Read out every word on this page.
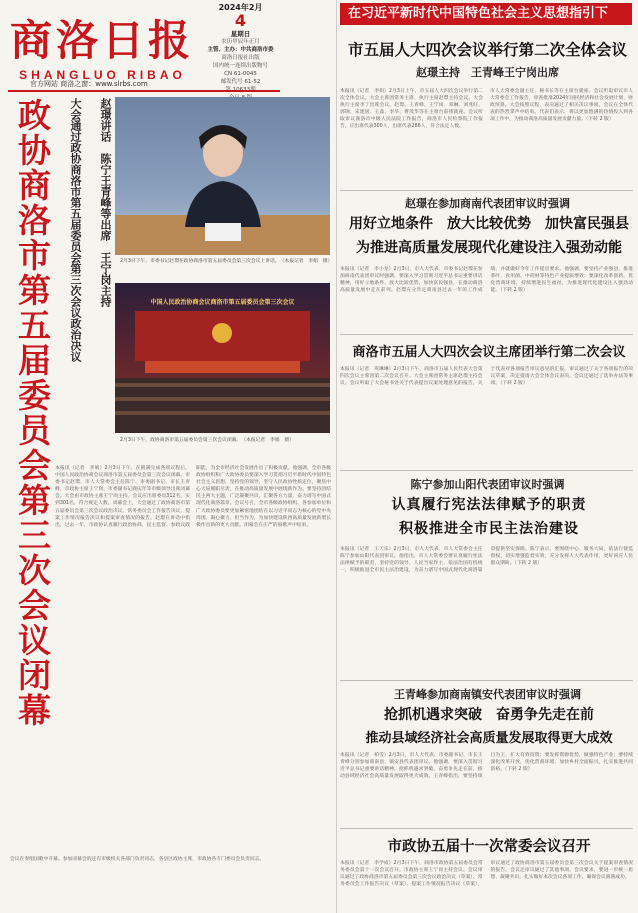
商洛日报
SHANGLUO RIBAO
2024年2月
4
星期日
农历甲辰年正月
主管、主办：中共商洛市委
商洛日报社出版
国内统一连续出版物号
CN 61-0045
邮发代号 61-52
官方网站 商洛之窗：www.slrbs.com
在习近平新时代中国特色社会主义思想指引下
市五届人大四次会议举行第二次全体会议
赵璟主持　王青峰王宁岗出席
本报讯（记者　李娟）2月3日上午，市五届人大四次会议举行第二次全体会议。大会主席团常务主席、执行主席赵璟主持会议。大会执行主席李丁出席会议。赵璟、王青峰、王宁岗、邓琳、刘兆旺、郭钢、宋建国、王淼、李华、曹茂华等在主席台前排就座。会议听取审议商洛市中级人民法院工作报告，商洛市人民检察院工作报告。应出席代表300人，出席代表286人，符合法定人数。
市人大常委会副主任、秘书长等在主席台就座。会议听取审议市人大常委会工作报告，审查批准2024年国民经济和社会发展计划、财政预算。大会按照议程，表决通过了相关决议事项，会议在全体代表的热烈掌声中结束。代表们表示，将以更加饱满的热情投入到各项工作中，为推动商洛高质量发展贡献力量。（下转 2 版）
赵璟在参加商南代表团审议时强调
用好立地条件　放大比较优势　加快富民强县
为推进高质量发展现代化建设注入强劲动能
本报讯（记者　李小龙）2月3日，市人大代表、市委书记赵璟在参加商南代表团审议时强调，要深入学习贯彻习近平总书记重要讲话精神，用好立地条件，放大比较优势，加快富民强县，在推动商洛高质量发展中走在前列。赵璟充分肯定商南县过去一年的工作成绩，并就做好今年工作提出要求。他强调，要坚持产业强县，推进茶叶、食用菌、中药材等特色产业提质增效；要深化改革创新，优化营商环境，持续增进民生福祉，为推进现代化建设注入强劲动能。（下转 2 版）
商洛市五届人大四次会议主席团举行第二次会议
本报讯（记者　巩琳琳）2月3日下午，商洛市五届人民代表大会第四次会议主席团第二次会议召开。大会主席团常务主席赵璟主持会议。会议听取了大会秘书处关于代表提出议案处理意见的报告，关于代表对各项报告审议意见的汇报，审议通过了关于各项报告的决议草案，决定提请大会全体会议表决。会议还通过了选举办法等事项。（下转 2 版）
陈宁参加山阳代表团审议时强调
认真履行宪法法律赋予的职责
积极推进全市民主法治建设
本报讯（记者　王天乐）2月3日，市人大代表、市人大常委会主任陈宁参加山阳代表团审议。他指出，市人大常委会要认真履行宪法法律赋予的职责，坚持党的领导、人民当家作主、依法治国有机统一，积极推进全市民主法治建设，为奋力谱写中国式现代化商洛篇章提供坚实保障。陈宁表示，要围绕中心、服务大局，依法行使监督权，切实增强监督实效，充分发挥人大代表作用，更好回应人民群众期盼。（下转 2 版）
王青峰参加商南镇安代表团审议时强调
抢抓机遇求突破　奋勇争先走在前
推动县域经济社会高质量发展取得更大成效
本报讯（记者　柏雪）2月3日，市人大代表、市委副书记、市长王青峰分别参加商南县、镇安县代表团审议。他强调，要深入贯彻习近平总书记重要讲话精神，抢抓机遇求突破，奋勇争先走在前，推动县域经济社会高质量发展取得更大成效。王青峰指出，要坚持项目为王，扩大有效投资；要发挥资源优势，做强特色产业；要持续深化改革开放，优化营商环境，加快乡村全面振兴，扎实推进共同富裕。（下转 2 版）
市政协五届十一次常委会议召开
本报讯（记者　李学成）2月3日下午，商洛市政协第五届委员会常务委员会第十一次会议召开。市政协主席王宁岗主持会议。会议审议通过了政协商洛市第五届委员会第三次会议政治决议（草案）、常务委员会工作报告决议（草案）、提案工作情况报告决议（草案），审议通过了政协商洛市第五届委员会第三次会议关于提案审查情况的报告，会议还审议通过了其他事项。会议要求，要进一步统一思想、凝聚共识，扎实做好本次会议各项工作，确保会议圆满成功。
政协商洛市第五届委员会第三次会议闭幕	大会通过政协商洛市第五届委员会第三次会议政治决议	赵璟讲话　陈宁王青峰等出席　王宁岗主持 2月3日下午，市委书记赵璟在政协商洛市第五届委员会第三次会议上讲话。　（本报记者　李娟　摄）
中国人民政治协商会议商洛市第五届委员会第三次会议
2月3日下午，政协商洛市第五届委员会第三次会议闭幕。　（本报记者　李娟　摄）
本报讯（记者　李娟）2月3日下午，在圆满完成各项议程后，中国人民政治协商会议商洛市第五届委员会第三次会议闭幕。市委书记赵璟、市人大常委会主任陈宁、市委副书记、市长王青峰，市政协主席王宁岗，市委副书记鹿庆年等市级领导出席闭幕会。大会由市政协主席王宁岗主持。会议应出席委员312名，实到301名，符合规定人数。闭幕会上，大会通过了政协商洛市第五届委员会第三次会议政治决议、常务委员会工作报告决议、提案工作情况报告决议和提案审查情况的报告。赵璟在讲话中指出，过去一年，市政协认真履行政治协商、民主监督、参政议政职能，为全市经济社会发展作出了积极贡献。他强调，全市各级政协组织和广大政协委员要深入学习贯彻习近平新时代中国特色社会主义思想，坚持党的领导，坚守人民政协性质定位，聚焦中心大局履职尽责，在推动高质量发展中展现新作为。要坚持团结民主两大主题，广泛凝聚共识，汇聚各方力量，奋力谱写中国式现代化商洛篇章。会议号召，全市各级政协组织、各参加单位和广大政协委员要更加紧密地团结在以习近平同志为核心的党中央周围，凝心聚力、担当作为，为加快建设陕西高质量发展新增长极作出新的更大贡献。闭幕会在庄严的国歌声中结束。
会议在奏唱国歌中开幕。参加闭幕会的还有市级机关各部门负责同志，各县区政协主席，市政协各专门委员会负责同志。
